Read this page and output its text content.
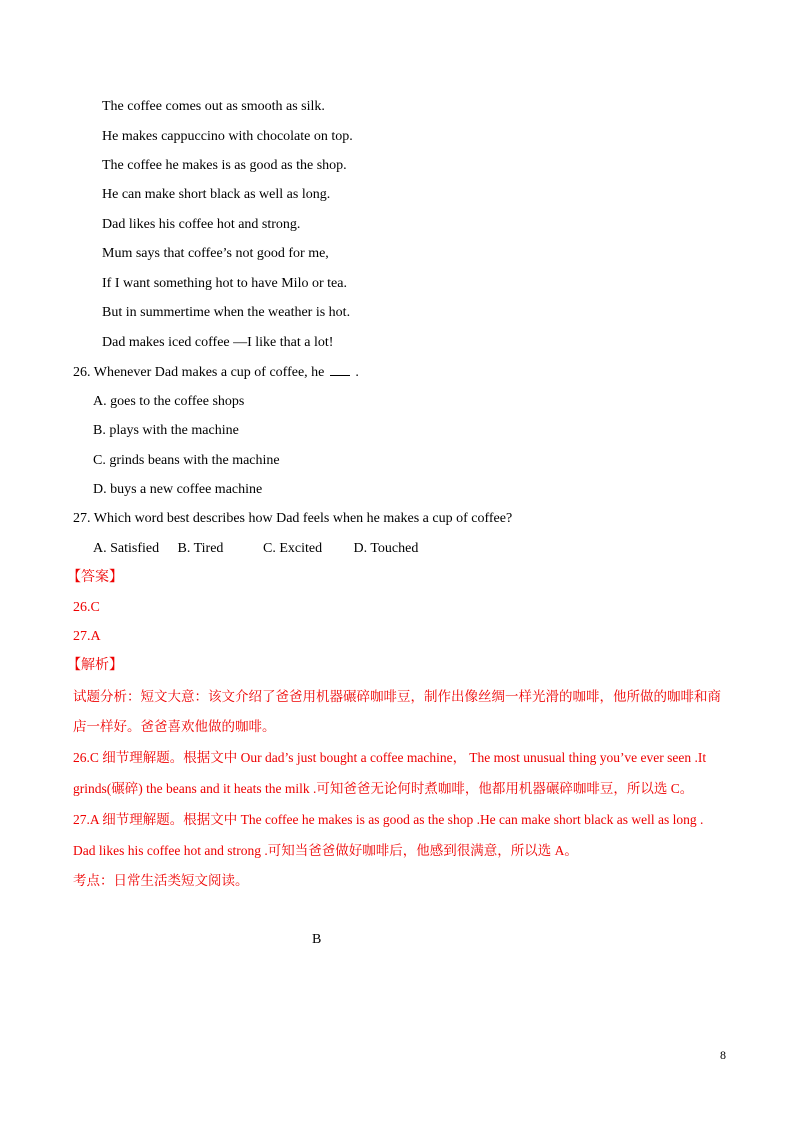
The coffee comes out as smooth as silk.
He makes cappuccino with chocolate on top.
The coffee he makes is as good as the shop.
He can make short black as well as long.
Dad likes his coffee hot and strong.
Mum says that coffee’s not good for me,
If I want something hot to have Milo or tea.
But in summertime when the weather is hot.
Dad makes iced coffee —I like that a lot!
26. Whenever Dad makes a cup of coffee, he  .
A. goes to the coffee shops
B. plays with the machine
C. grinds beans with the machine
D. buys a new coffee machine
27. Which word best describes how Dad feels when he makes a cup of coffee?
A. Satisfied B. Tired	C. Excited D. Touched
【答案】
26.C
27.A
【解析】
试题分析：短文大意：该文介绍了爸爸用机器碾碎咖啡豆，制作出像丝绸一样光滑的咖啡，他所做的咖啡和商
店一样好。爸爸喜欢他做的咖啡。
26.C 细节理解题。根据文中 Our dad’s just bought a coffee machine， The most unusual thing you’ve ever seen .It
grinds(碾碎) the beans and it heats the milk .可知爸爸无论何时煮咖啡，他都用机器碾碎咖啡豆，所以选 C。
27.A 细节理解题。根据文中 The coffee he makes is as good as the shop .He can make short black as well as long .
Dad likes his coffee hot and strong .可知当爸爸做好咖啡后，他感到很满意，所以选 A。
考点：日常生活类短文阅读。
B
8
